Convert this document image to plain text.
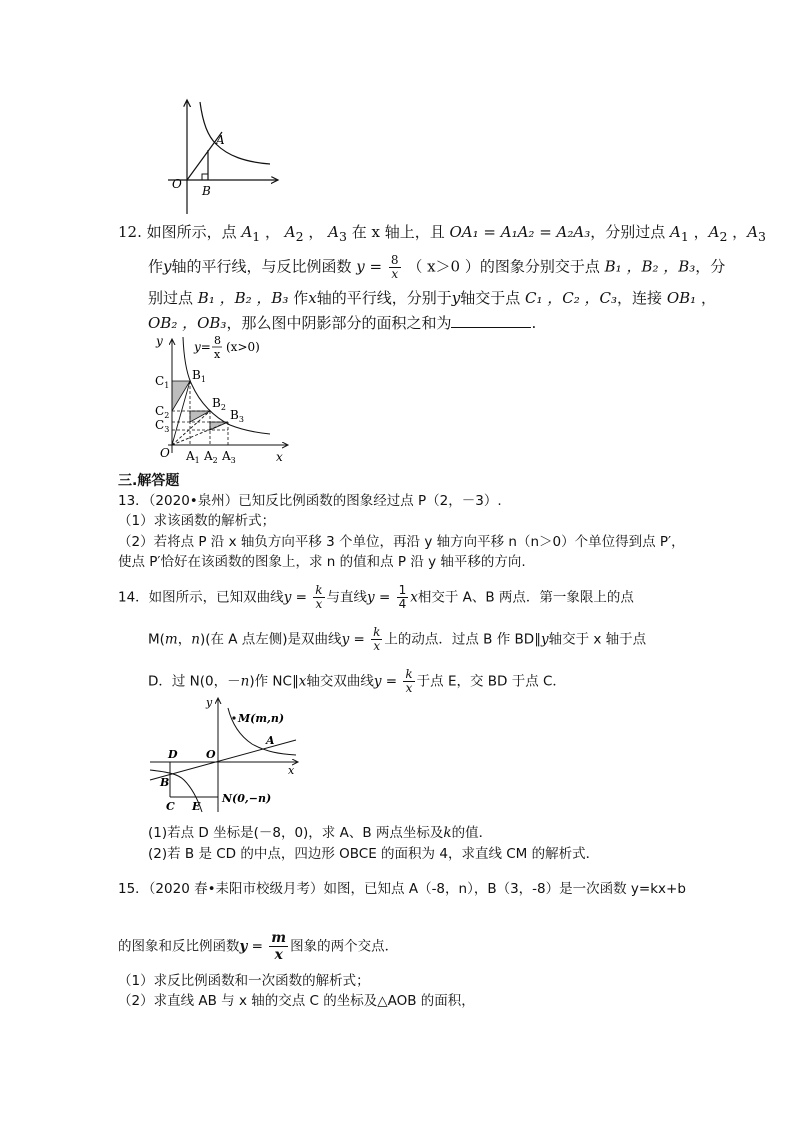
A
O B
12. 如图所示，点 $A_1$ ， $A_2$ ， $A_3$ 在 x 轴上，且 OA₁ = A₁A₂ = A₂A₃，分别过点 $A_1$ ，$A_2$ ，$A_3$
作y轴的平行线，与反比例函数 $y = \frac{8}{x}$ （ x＞0 ）的图象分别交于点 B₁ ，B₂ ，B₃，分
别过点 B₁ ，B₂ ，B₃ 作x轴的平行线，分别于y轴交于点 C₁ ，C₂ ，C₃，连接 OB₁ ，
OB₂ ，OB₃，那么图中阴影部分的面积之和为	.
y
x
O
y= 8
x
(x>0)
$C_1$
$C_2$
$C_3$
$B_1$
$B_2$
$B_3$
$A_1$ $A_2$ $A_3$
三.解答题
13．（2020•泉州）已知反比例函数的图象经过点 P（2，－3）.
（1）求该函数的解析式；
（2）若将点 P 沿 x 轴负方向平移 3 个单位，再沿 y 轴方向平移 n（n＞0）个单位得到点 P′，
使点 P′恰好在该函数的图象上，求 n 的值和点 P 沿 y 轴平移的方向.
14．如图所示，已知双曲线$y = \frac{k}{x}$ 与直线$y = \frac{1}{4}$ x相交于 A、B 两点．第一象限上的点
M(m，n)(在 A 点左侧)是双曲线$y = \frac{k}{x}$ 上的动点．过点 B 作 BD∥y轴交于 x 轴于点
D．过 N(0，－n)作 NC∥x轴交双曲线$y = \frac{k}{x}$ 于点 E，交 BD 于点 C．
y
x
M(m,n)
A
D	O
B
C E
N(0,−n)
(1)若点 D 坐标是(－8，0)，求 A、B 两点坐标及k的值．
(2)若 B 是 CD 的中点，四边形 OBCE 的面积为 4，求直线 CM 的解析式．
15．（2020 春•耒阳市校级月考）如图，已知点 A（-8，n），B（3，-8）是一次函数 y=kx+b
的图象和反比例函数$y = \frac{m}{x}$ 图象的两个交点．
（1）求反比例函数和一次函数的解析式；
（2）求直线 AB 与 x 轴的交点 C 的坐标及△AOB 的面积，
